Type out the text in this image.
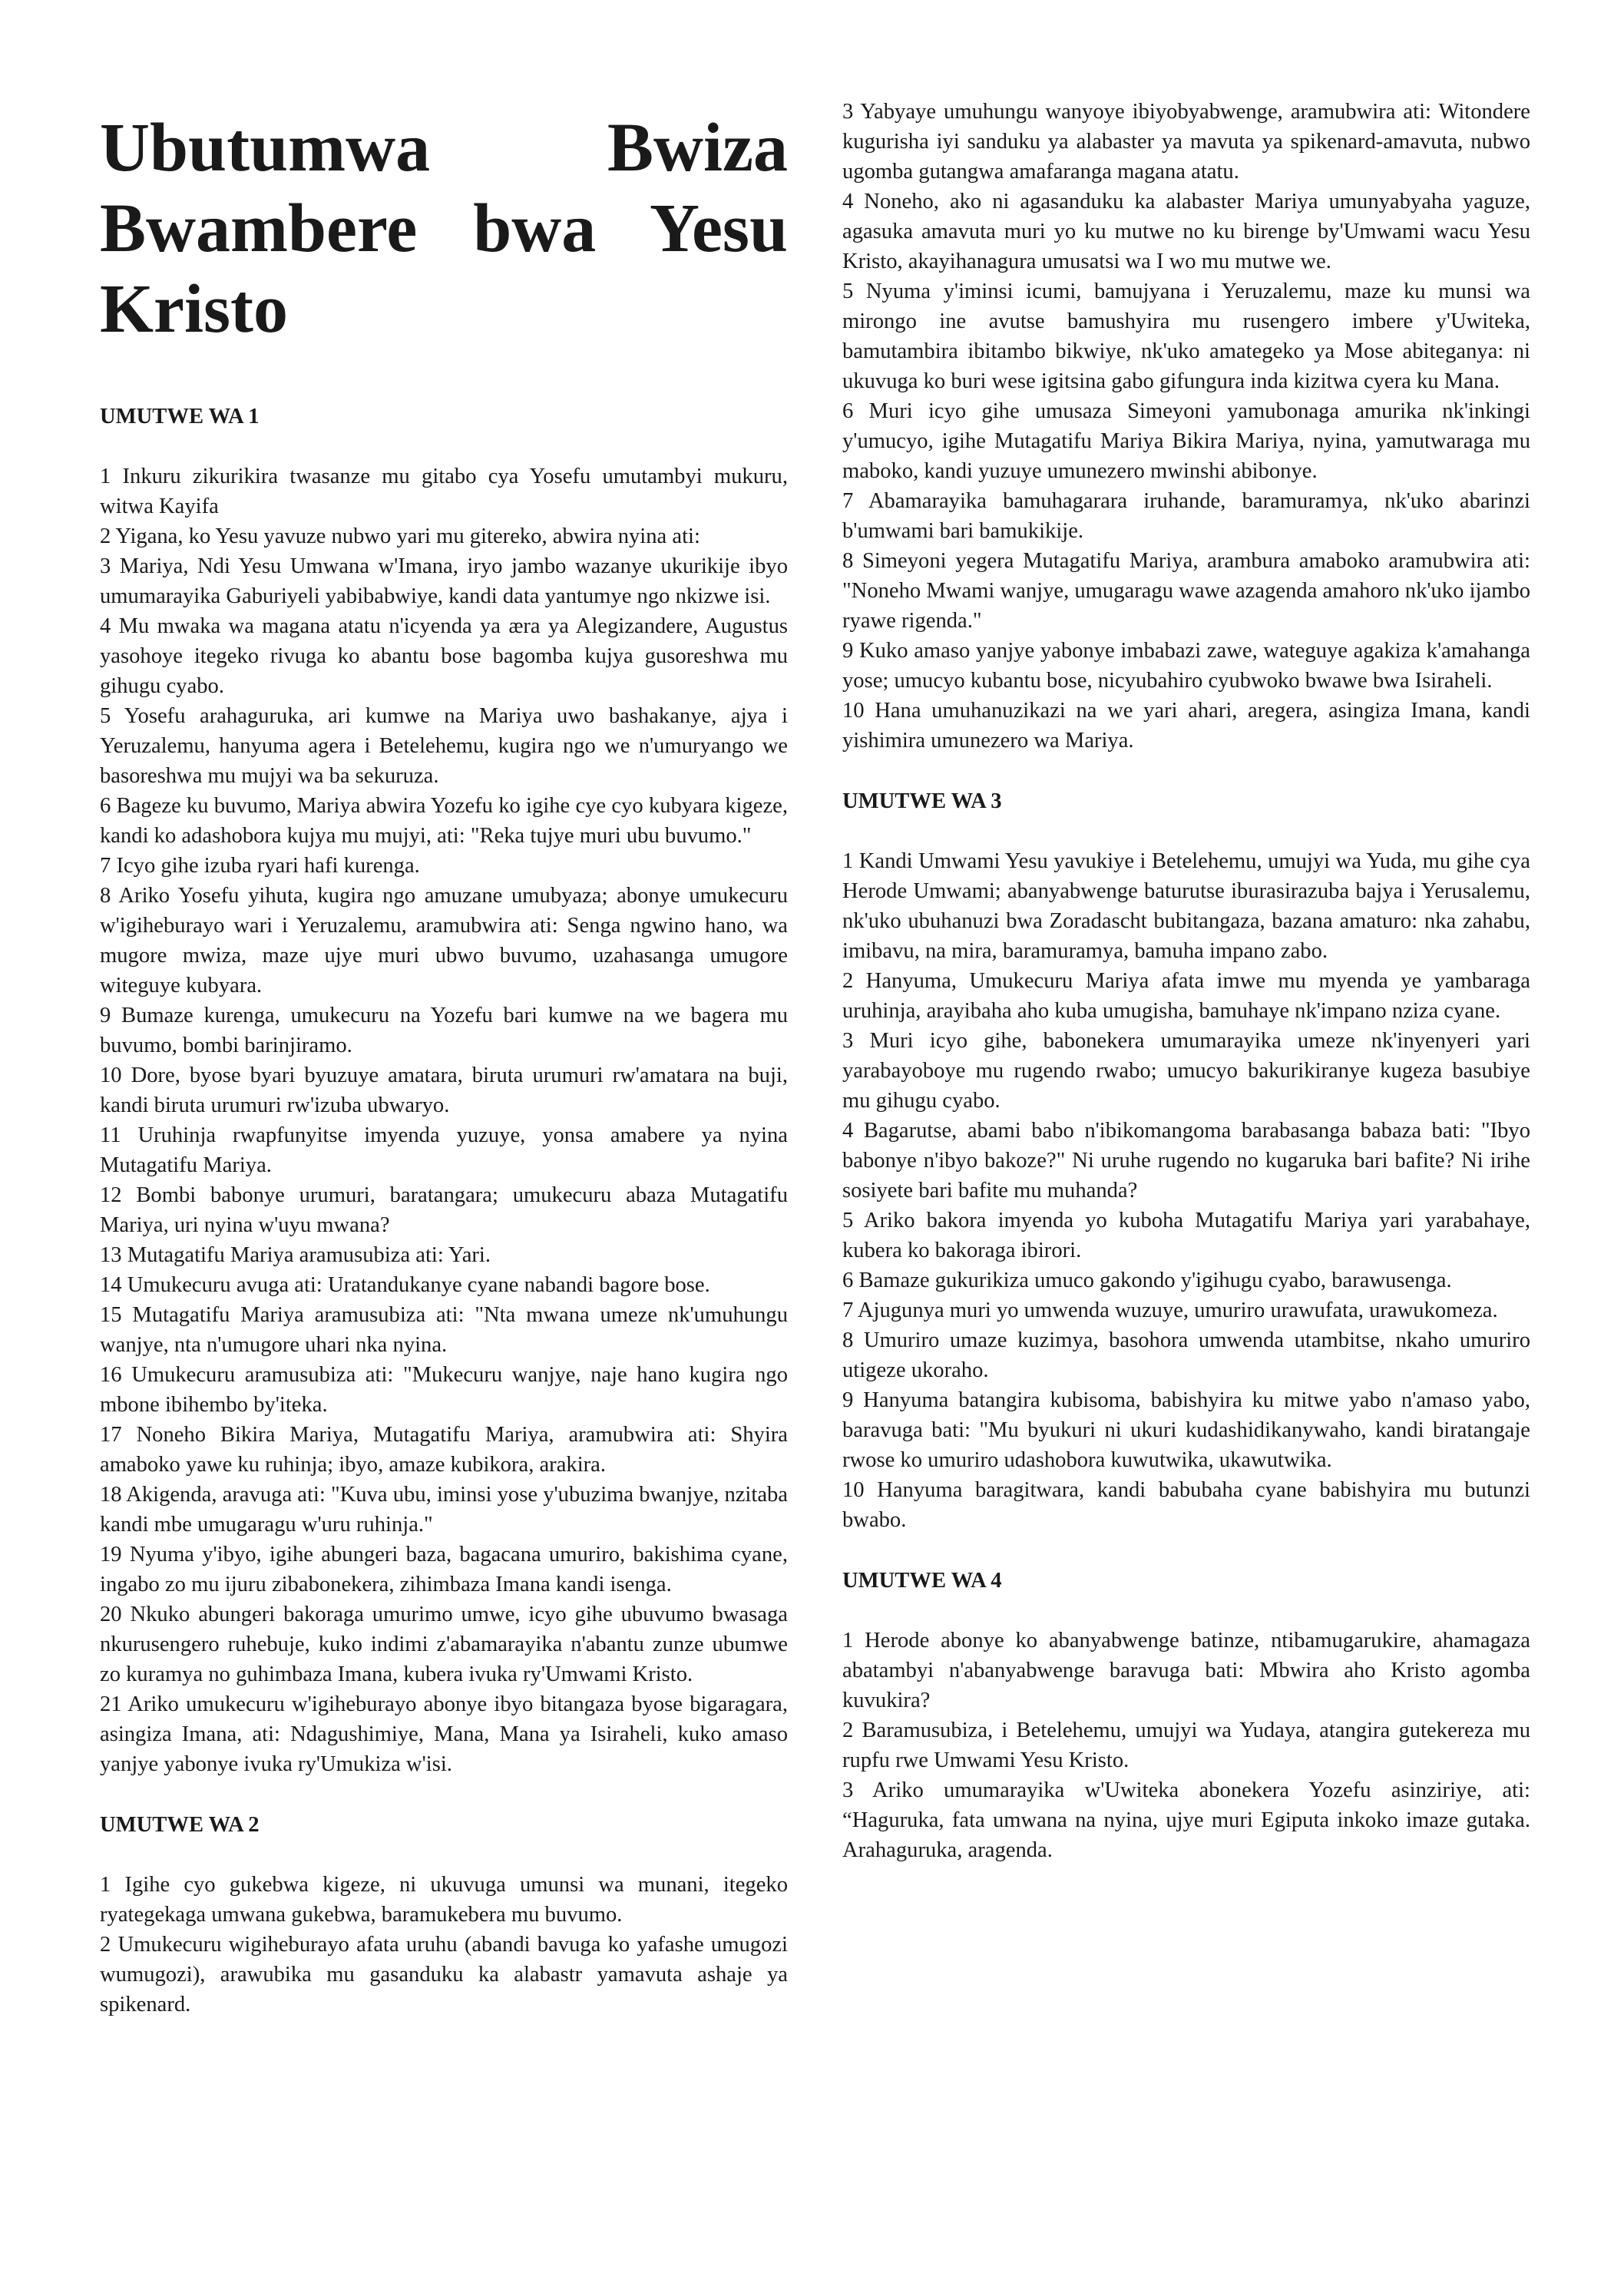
Ubutumwa Bwiza Bwambere bwa Yesu Kristo
UMUTWE WA 1

1 Inkuru zikurikira twasanze mu gitabo cya Yosefu umutambyi mukuru, witwa Kayifa

2 Yigana, ko Yesu yavuze nubwo yari mu gitereko, abwira nyina ati:

3 Mariya, Ndi Yesu Umwana w'Imana, iryo jambo wazanye ukurikije ibyo umumarayika Gaburiyeli yabibabwiye, kandi data yantumye ngo nkizwe isi.

4 Mu mwaka wa magana atatu n'icyenda ya ӕra ya Alegizandere, Augustus yasohoye itegeko rivuga ko abantu bose bagomba kujya gusoreshwa mu gihugu cyabo.

5 Yosefu arahaguruka, ari kumwe na Mariya uwo bashakanye, ajya i Yeruzalemu, hanyuma agera i Betelehemu, kugira ngo we n'umuryango we basoreshwa mu mujyi wa ba sekuruza.

6 Bageze ku buvumo, Mariya abwira Yozefu ko igihe cye cyo kubyara kigeze, kandi ko adashobora kujya mu mujyi, ati: "Reka tujye muri ubu buvumo."

7 Icyo gihe izuba ryari hafi kurenga.

8 Ariko Yosefu yihuta, kugira ngo amuzane umubyaza; abonye umukecuru w'igiheburayo wari i Yeruzalemu, aramubwira ati: Senga ngwino hano, wa mugore mwiza, maze ujye muri ubwo buvumo, uzahasanga umugore witeguye kubyara.

9 Bumaze kurenga, umukecuru na Yozefu bari kumwe na we bagera mu buvumo, bombi barinjiramo.

10 Dore, byose byari byuzuye amatara, biruta urumuri rw'amatara na buji, kandi biruta urumuri rw'izuba ubwaryo.

11 Uruhinja rwapfunyitse imyenda yuzuye, yonsa amabere ya nyina Mutagatifu Mariya.

12 Bombi babonye urumuri, baratangara; umukecuru abaza Mutagatifu Mariya, uri nyina w'uyu mwana?

13 Mutagatifu Mariya aramusubiza ati: Yari.

14 Umukecuru avuga ati: Uratandukanye cyane nabandi bagore bose.

15 Mutagatifu Mariya aramusubiza ati: "Nta mwana umeze nk'umuhungu wanjye, nta n'umugore uhari nka nyina.

16 Umukecuru aramusubiza ati: "Mukecuru wanjye, naje hano kugira ngo mbone ibihembo by'iteka.

17 Noneho Bikira Mariya, Mutagatifu Mariya, aramubwira ati: Shyira amaboko yawe ku ruhinja; ibyo, amaze kubikora, arakira.

18 Akigenda, aravuga ati: "Kuva ubu, iminsi yose y'ubuzima bwanjye, nzitaba kandi mbe umugaragu w'uru ruhinja."

19 Nyuma y'ibyo, igihe abungeri baza, bagacana umuriro, bakishima cyane, ingabo zo mu ijuru zibabonekera, zihimbaza Imana kandi isenga.

20 Nkuko abungeri bakoraga umurimo umwe, icyo gihe ubuvumo bwasaga nkurusengero ruhebuje, kuko indimi z'abamarayika n'abantu zunze ubumwe zo kuramya no guhimbaza Imana, kubera ivuka ry'Umwami Kristo.

21 Ariko umukecuru w'igiheburayo abonye ibyo bitangaza byose bigaragara, asingiza Imana, ati: Ndagushimiye, Mana, Mana ya Isiraheli, kuko amaso yanjye yabonye ivuka ry'Umukiza w'isi.

UMUTWE WA 2

1 Igihe cyo gukebwa kigeze, ni ukuvuga umunsi wa munani, itegeko ryategekaga umwana gukebwa, baramukebera mu buvumo.

2 Umukecuru wigiheburayo afata uruhu (abandi bavuga ko yafashe umugozi wumugozi), arawubika mu gasanduku ka alabastr yamavuta ashaje ya spikenard.

3 Yabyaye umuhungu wanyoye ibiyobyabwenge, aramubwira ati: Witondere kugurisha iyi sanduku ya alabaster ya mavuta ya spikenard-amavuta, nubwo ugomba gutangwa amafaranga magana atatu.

4 Noneho, ako ni agasanduku ka alabaster Mariya umunyabyaha yaguze, agasuka amavuta muri yo ku mutwe no ku birenge by'Umwami wacu Yesu Kristo, akayihanagura umusatsi wa I wo mu mutwe we.

5 Nyuma y'iminsi icumi, bamujyana i Yeruzalemu, maze ku munsi wa mirongo ine avutse bamushyira mu rusengero imbere y'Uwiteka, bamutambira ibitambo bikwiye, nk'uko amategeko ya Mose abiteganya: ni ukuvuga ko buri wese igitsina gabo gifungura inda kizitwa cyera ku Mana.

6 Muri icyo gihe umusaza Simeyoni yamubonaga amurika nk'inkingi y'umucyo, igihe Mutagatifu Mariya Bikira Mariya, nyina, yamutwaraga mu maboko, kandi yuzuye umunezero mwinshi abibonye.

7 Abamarayika bamuhagarara iruhande, baramuramya, nk'uko abarinzi b'umwami bari bamukikije.

8 Simeyoni yegera Mutagatifu Mariya, arambura amaboko aramubwira ati: "Noneho Mwami wanjye, umugaragu wawe azagenda amahoro nk'uko ijambo ryawe rigenda."

9 Kuko amaso yanjye yabonye imbabazi zawe, wateguye agakiza k'amahanga yose; umucyo kubantu bose, nicyubahiro cyubwoko bwawe bwa Isiraheli.

10 Hana umuhanuzikazi na we yari ahari, aregera, asingiza Imana, kandi yishimira umunezero wa Mariya.

UMUTWE WA 3

1 Kandi Umwami Yesu yavukiye i Betelehemu, umujyi wa Yuda, mu gihe cya Herode Umwami; abanyabwenge baturutse iburasirazuba bajya i Yerusalemu, nk'uko ubuhanuzi bwa Zoradascht bubitangaza, bazana amaturo: nka zahabu, imibavu, na mira, baramuramya, bamuha impano zabo.

2 Hanyuma, Umukecuru Mariya afata imwe mu myenda ye yambaraga uruhinja, arayibaha aho kuba umugisha, bamuhaye nk'impano nziza cyane.

3 Muri icyo gihe, babonekera umumarayika umeze nk'inyenyeri yari yarabayoboye mu rugendo rwabo; umucyo bakurikiranye kugeza basubiye mu gihugu cyabo.

4 Bagarutse, abami babo n'ibikomangoma barabasanga babaza bati: "Ibyo babonye n'ibyo bakoze?" Ni uruhe rugendo no kugaruka bari bafite? Ni irihe sosiyete bari bafite mu muhanda?

5 Ariko bakora imyenda yo kuboha Mutagatifu Mariya yari yarabahaye, kubera ko bakoraga ibirori.

6 Bamaze gukurikiza umuco gakondo y'igihugu cyabo, barawusenga.

7 Ajugunya muri yo umwenda wuzuye, umuriro urawufata, urawukomeza.

8 Umuriro umaze kuzimya, basohora umwenda utambitse, nkaho umuriro utigeze ukoraho.

9 Hanyuma batangira kubisoma, babishyira ku mitwe yabo n'amaso yabo, baravuga bati: "Mu byukuri ni ukuri kudashidikanywaho, kandi biratangaje rwose ko umuriro udashobora kuwutwika, ukawutwika.

10 Hanyuma baragitwara, kandi babubaha cyane babishyira mu butunzi bwabo.

UMUTWE WA 4

1 Herode abonye ko abanyabwenge batinze, ntibamugarukire, ahamagaza abatambyi n'abanyabwenge baravuga bati: Mbwira aho Kristo agomba kuvukira?

2 Baramusubiza, i Betelehemu, umujyi wa Yudaya, atangira gutekereza mu rupfu rwe Umwami Yesu Kristo.

3 Ariko umumarayika w'Uwiteka abonekera Yozefu asinziriye, ati: “Haguruka, fata umwana na nyina, ujye muri Egiputa inkoko imaze gutaka. Arahaguruka, aragenda.
